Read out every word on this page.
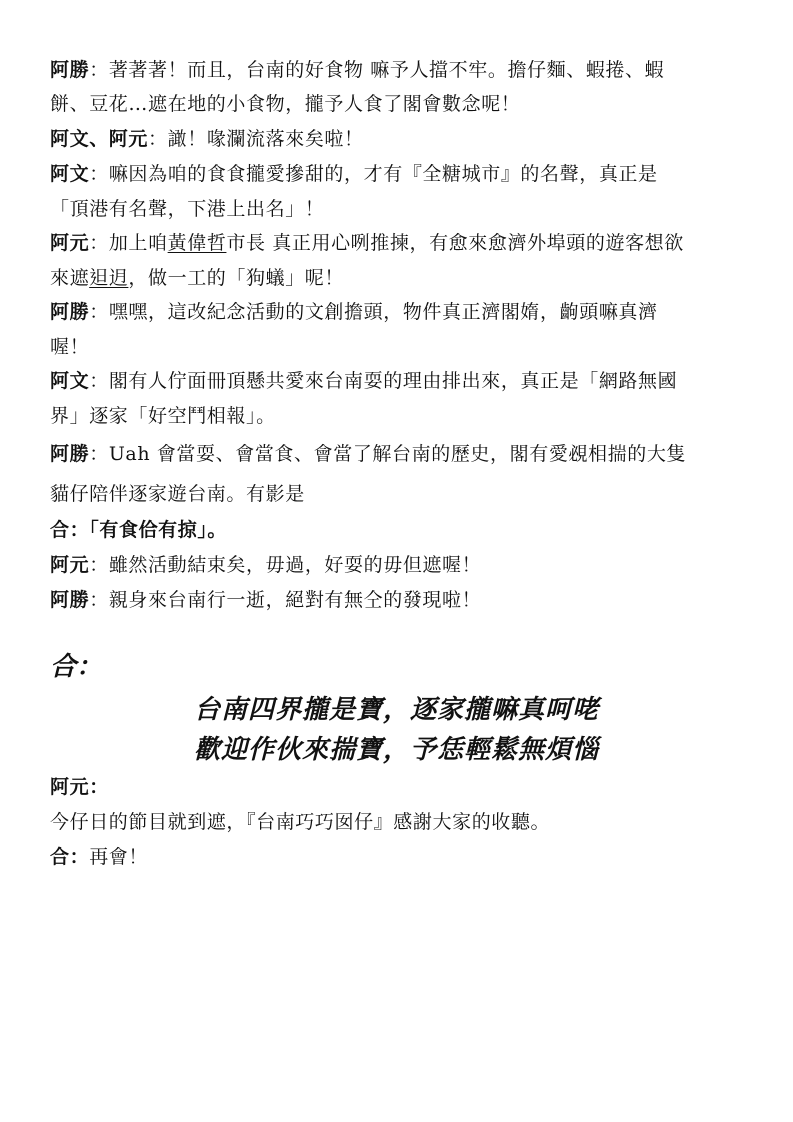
阿勝：著著著！而且，台南的好食物 嘛予人擋不牢。擔仔麵、蝦捲、蝦
餅、豆花…遮在地的小食物，攏予人食了閣會數念呢！
阿文、阿元：譀！喙瀾流落來矣啦！
阿文：嘛因為咱的食食攏愛摻甜的，才有『全糖城市』的名聲，真正是
「頂港有名聲，下港上出名」！
阿元：加上咱黃偉哲市長 真正用心咧推揀，有愈來愈濟外埠頭的遊客想欲
來遮𨑨迌，做一工的「狗蟻」呢！
阿勝：嘿嘿，這改紀念活動的文創擔頭，物件真正濟閣媠，齣頭嘛真濟
喔！
阿文：閣有人佇面冊頂懸共愛來台南耍的理由排出來，真正是「網路無國
界」逐家「好空鬥相報」。
阿勝：Uah 會當耍、會當食、會當了解台南的歷史，閣有愛覕相揣的大隻
貓仔陪伴逐家遊台南。有影是
合：「有食佮有掠」。
阿元：雖然活動結束矣，毋過，好耍的毋但遮喔！
阿勝：親身來台南行一逝，絕對有無仝的發現啦！
合：
台南四界攏是寶，逐家攏嘛真呵咾
歡迎作伙來揣寶，予恁輕鬆無煩惱
阿元：
今仔日的節目就到遮，『台南巧巧囡仔』感謝大家的收聽。
合：再會！
